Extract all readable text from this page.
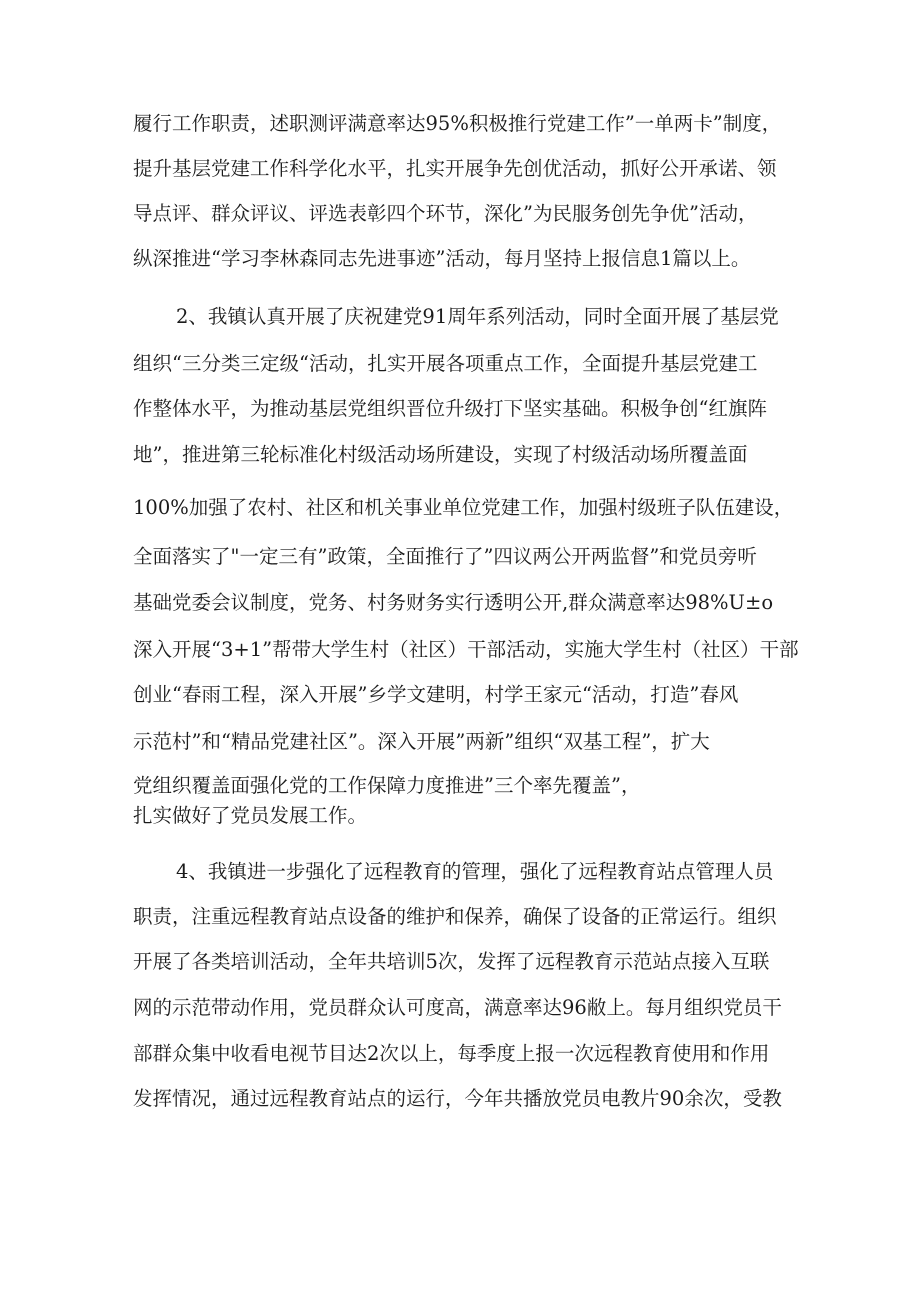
履行工作职责，述职测评满意率达95%积极推行党建工作”一单两卡”制度，

提升基层党建工作科学化水平，扎实开展争先创优活动，抓好公开承诺、领

导点评、群众评议、评选表彰四个环节，深化”为民服务创先争优”活动，

纵深推进“学习李林森同志先进事迹”活动，每月坚持上报信息1篇以上。

2、我镇认真开展了庆祝建党91周年系列活动，同时全面开展了基层党

组织“三分类三定级“活动，扎实开展各项重点工作，全面提升基层党建工

作整体水平，为推动基层党组织晋位升级打下坚实基础。积极争创“红旗阵

地”，推进第三轮标准化村级活动场所建设，实现了村级活动场所覆盖面

100%加强了农村、社区和机关事业单位党建工作，加强村级班子队伍建设，

全面落实了"一定三有”政策，全面推行了”四议两公开两监督”和党员旁听

基础党委会议制度，党务、村务财务实行透明公开,群众满意率达98%U±o

深入开展“3+1”帮带大学生村（社区）干部活动，实施大学生村（社区）干部

创业“春雨工程，深入开展”乡学文建明，村学王家元“活动，打造”春风

示范村”和“精品党建社区”。深入开展”两新”组织“双基工程”，扩大

党组织覆盖面强化党的工作保障力度推进”三个率先覆盖”，

扎实做好了党员发展工作。

4、我镇进一步强化了远程教育的管理，强化了远程教育站点管理人员

职责，注重远程教育站点设备的维护和保养，确保了设备的正常运行。组织

开展了各类培训活动，全年共培训5次，发挥了远程教育示范站点接入互联

网的示范带动作用，党员群众认可度高，满意率达96敝上。每月组织党员干

部群众集中收看电视节目达2次以上，每季度上报一次远程教育使用和作用

发挥情况，通过远程教育站点的运行，今年共播放党员电教片90余次，受教
